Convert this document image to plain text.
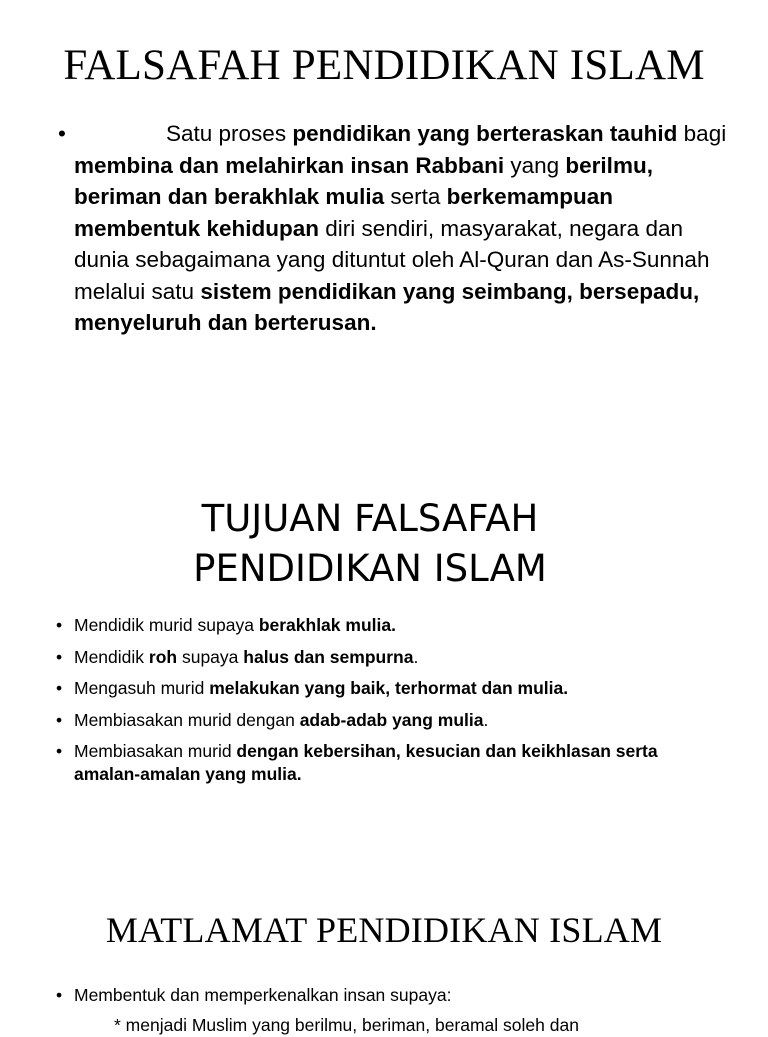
FALSAFAH PENDIDIKAN ISLAM
•	Satu proses pendidikan yang berteraskan tauhid bagi membina dan melahirkan insan Rabbani yang berilmu, beriman dan berakhlak mulia serta berkemampuan membentuk kehidupan diri sendiri, masyarakat, negara dan dunia sebagaimana yang dituntut oleh Al-Quran dan As-Sunnah melalui satu sistem pendidikan yang seimbang, bersepadu, menyeluruh dan berterusan.
TUJUAN FALSAFAH
PENDIDIKAN ISLAM
• Mendidik murid supaya berakhlak mulia.
• Mendidik roh supaya halus dan sempurna.
• Mengasuh murid melakukan yang baik, terhormat dan mulia.
• Membiasakan murid dengan adab-adab yang mulia.
• Membiasakan murid dengan kebersihan, kesucian dan keikhlasan serta amalan-amalan yang mulia.
MATLAMAT PENDIDIKAN ISLAM
• Membentuk dan memperkenalkan insan supaya:
* menjadi Muslim yang berilmu, beriman, beramal soleh dan
